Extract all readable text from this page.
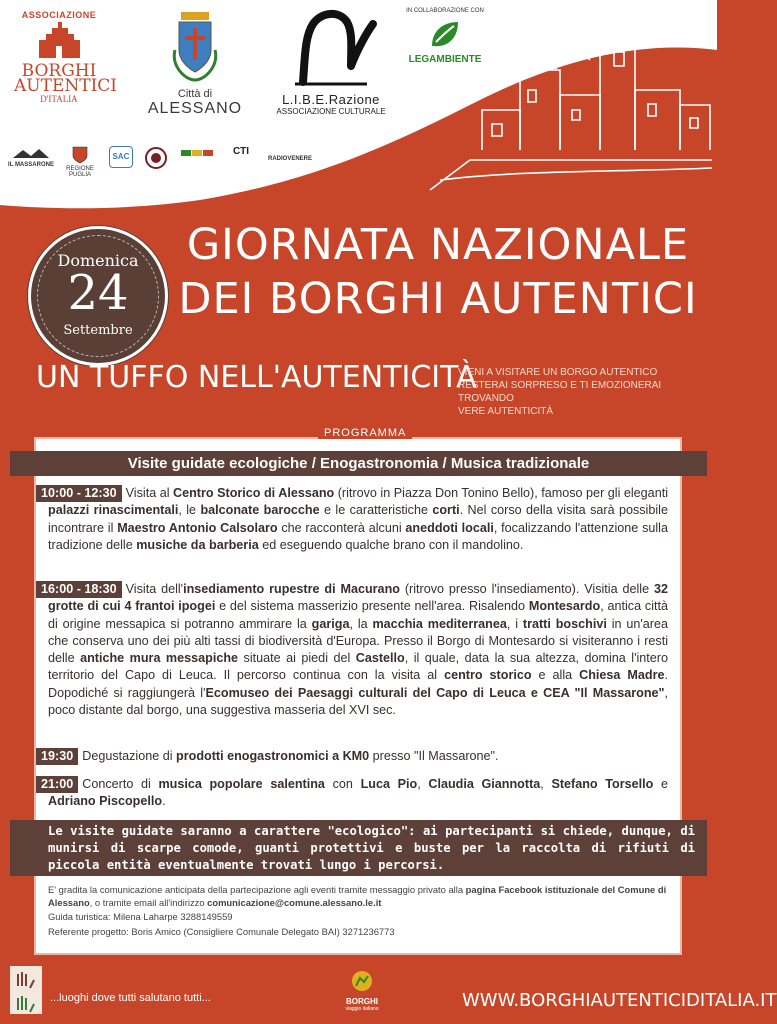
ASSOCIAZIONE
BORGHI
AUTENTICI
D'ITALIA	Città di
ALESSANO
L.I.B.E.Razione
ASSOCIAZIONE CULTURALE
IN COLLABORAZIONE CON
LEGAMBIENTE
IL MASSARONE
REGIONE PUGLIA
SAC	CTI
RADIOVENERE
Domenica
24
Settembre
GIORNATA NAZIONALE
DEI BORGHI AUTENTICI
UN TUFFO NELL'AUTENTICITÀ
VIENI A VISITARE UN BORGO AUTENTICO
RESTERAI SORPRESO E TI EMOZIONERAI TROVANDO
VERE AUTENTICITÀ
PROGRAMMA
Visite guidate ecologiche / Enogastronomia / Musica tradizionale
10:00 - 12:30 Visita al Centro Storico di Alessano (ritrovo in Piazza Don Tonino Bello), famoso per gli eleganti palazzi rinascimentali, le balconate barocche e le caratteristiche corti. Nel corso della visita sarà possibile incontrare il Maestro Antonio Calsolaro che racconterà alcuni aneddoti locali, focalizzando l'attenzione sulla tradizione delle musiche da barberia ed eseguendo qualche brano con il mandolino.
16:00 - 18:30 Visita dell'insediamento rupestre di Macurano (ritrovo presso l'insediamento). Visitia delle 32 grotte di cui 4 frantoi ipogei e del sistema masserizio presente nell'area. Risalendo Montesardo, antica città di origine messapica si potranno ammirare la gariga, la macchia mediterranea, i tratti boschivi in un'area che conserva uno dei più alti tassi di biodiversità d'Europa. Presso il Borgo di Montesardo si visiteranno i resti delle antiche mura messapiche situate ai piedi del Castello, il quale, data la sua altezza, domina l'intero territorio del Capo di Leuca. Il percorso continua con la visita al centro storico e alla Chiesa Madre. Dopodiché si raggiungerà l'Ecomuseo dei Paesaggi culturali del Capo di Leuca e CEA "Il Massarone", poco distante dal borgo, una suggestiva masseria del XVI sec.
19:30 Degustazione di prodotti enogastronomici a KM0 presso "Il Massarone".
21:00 Concerto di musica popolare salentina con Luca Pio, Claudia Giannotta, Stefano Torsello e Adriano Piscopello.
Le visite guidate saranno a carattere "ecologico": ai partecipanti si chiede, dunque, di munirsi di scarpe comode, guanti protettivi e buste per la raccolta di rifiuti di piccola entità eventualmente trovati lungo i percorsi.
E' gradita la comunicazione anticipata della partecipazione agli eventi tramite messaggio privato alla pagina Facebook istituzionale del Comune di Alessano, o tramite email all'indirizzo comunicazione@comune.alessano.le.it
Guida turistica: Milena Laharpe 3288149559
Referente progetto: Boris Amico (Consigliere Comunale Delegato BAI) 3271236773
...luoghi dove tutti salutano tutti...	BORGHI
viaggio italiano	WWW.BORGHIAUTENTICIDITALIA.IT
